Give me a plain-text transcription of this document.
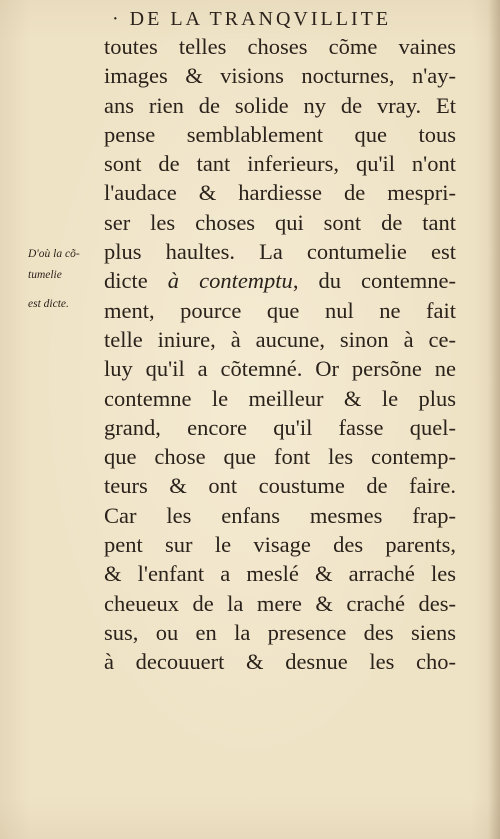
· DE LA TRANQVILLITE
D'où la cõ-
tumelie
est dicte.
toutes telles choses cõme vaines
images & visions nocturnes, n'ay-
ans rien de solide ny de vray. Et
pense semblablement que tous
sont de tant inferieurs, qu'il n'ont
l'audace & hardiesse de mespri-
ser les choses qui sont de tant
plus haultes. La contumelie est
dicte à contemptu, du contemne-
ment, pource que nul ne fait
telle iniure, à aucune, sinon à ce-
luy qu'il a cõtemné. Or persõne ne
contemne le meilleur & le plus
grand, encore qu'il fasse quel-
que chose que font les contemp-
teurs & ont coustume de faire.
Car les enfans mesmes frap-
pent sur le visage des parents,
& l'enfant a meslé & arraché les
cheueux de la mere & craché des-
sus, ou en la presence des siens
à decouuert & desnue les cho-
